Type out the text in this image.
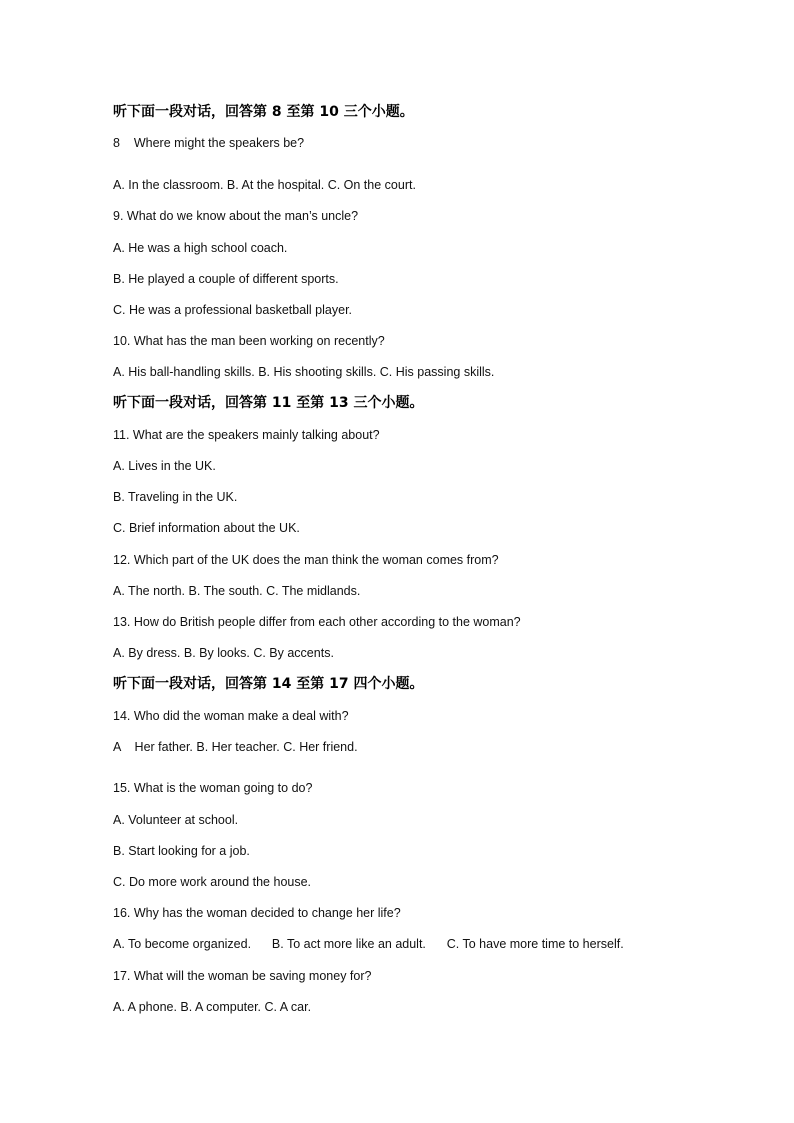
听下面一段对话，回答第 8 至第 10 三个小题。
8    Where might the speakers be?
A. In the classroom. B. At the hospital. C. On the court.
9. What do we know about the man’s uncle?
A. He was a high school coach.
B. He played a couple of different sports.
C. He was a professional basketball player.
10. What has the man been working on recently?
A. His ball-handling skills. B. His shooting skills. C. His passing skills.
听下面一段对话，回答第 11 至第 13 三个小题。
11. What are the speakers mainly talking about?
A. Lives in the UK.
B. Traveling in the UK.
C. Brief information about the UK.
12. Which part of the UK does the man think the woman comes from?
A. The north. B. The south. C. The midlands.
13. How do British people differ from each other according to the woman?
A. By dress. B. By looks. C. By accents.
听下面一段对话，回答第 14 至第 17 四个小题。
14. Who did the woman make a deal with?
A    Her father. B. Her teacher. C. Her friend.
15. What is the woman going to do?
A. Volunteer at school.
B. Start looking for a job.
C. Do more work around the house.
16. Why has the woman decided to change her life?
A. To become organized.      B. To act more like an adult.      C. To have more time to herself.
17. What will the woman be saving money for?
A. A phone. B. A computer. C. A car.
